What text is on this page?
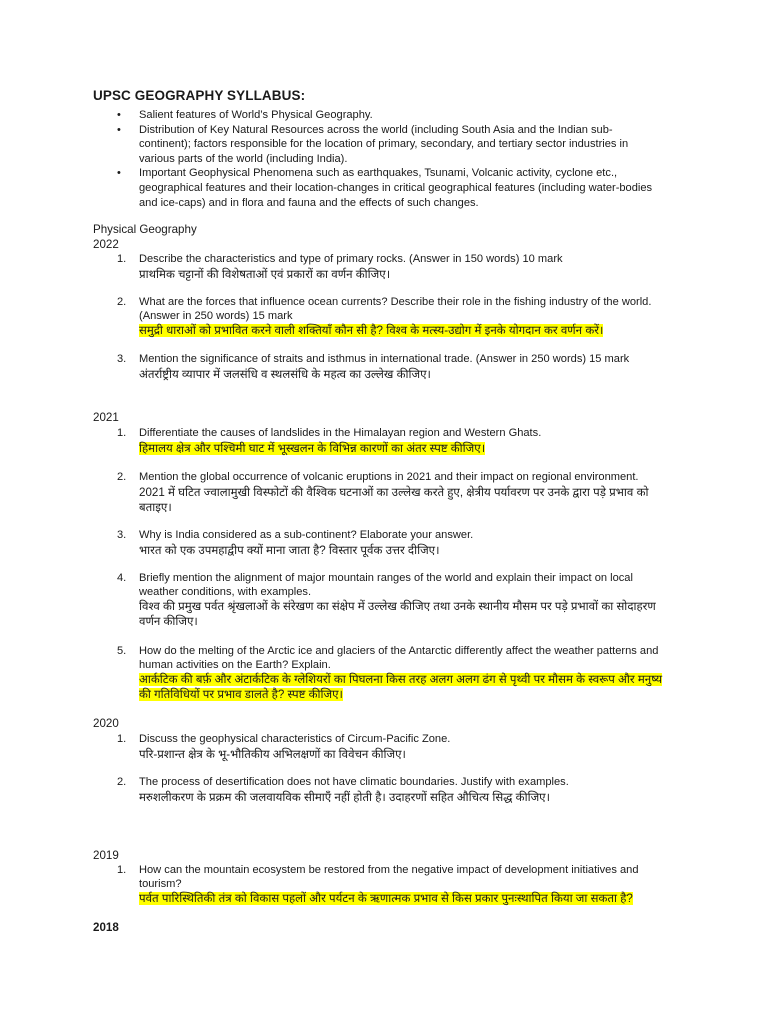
UPSC GEOGRAPHY SYLLABUS:
• Salient features of World’s Physical Geography.
• Distribution of Key Natural Resources across the world (including South Asia and the Indian sub-continent); factors responsible for the location of primary, secondary, and tertiary sector industries in various parts of the world (including India).
• Important Geophysical Phenomena such as earthquakes, Tsunami, Volcanic activity, cyclone etc., geographical features and their location-changes in critical geographical features (including water-bodies and ice-caps) and in flora and fauna and the effects of such changes.
Physical Geography
2022
1. Describe the characteristics and type of primary rocks. (Answer in 150 words) 10 mark
प्राथमिक चट्टानों की विशेषताओं एवं प्रकारों का वर्णन कीजिए।
2. What are the forces that influence ocean currents? Describe their role in the fishing industry of the world. (Answer in 250 words) 15 mark
समुद्री धाराओं को प्रभावित करने वाली शक्तियाँ कौन सी है? विश्व के मत्स्य-उद्योग में इनके योगदान कर वर्णन करें।
3. Mention the significance of straits and isthmus in international trade. (Answer in 250 words) 15 mark
अंतर्राष्ट्रीय व्यापार में जलसंधि व स्थलसंधि के महत्व का उल्लेख कीजिए।
2021
1. Differentiate the causes of landslides in the Himalayan region and Western Ghats.
हिमालय क्षेत्र और पश्चिमी घाट में भूस्खलन के विभिन्न कारणों का अंतर स्पष्ट कीजिए।
2. Mention the global occurrence of volcanic eruptions in 2021 and their impact on regional environment.
2021 में घटित ज्वालामुखी विस्फोटों की वैश्विक घटनाओं का उल्लेख करते हुए, क्षेत्रीय पर्यावरण पर उनके द्वारा पड़े प्रभाव को बताइए।
3. Why is India considered as a sub-continent? Elaborate your answer.
भारत को एक उपमहाद्वीप क्यों माना जाता है? विस्तार पूर्वक उत्तर दीजिए।
4. Briefly mention the alignment of major mountain ranges of the world and explain their impact on local weather conditions, with examples.
विश्व की प्रमुख पर्वत श्रृंखलाओं के संरेखण का संक्षेप में उल्लेख कीजिए तथा उनके स्थानीय मौसम पर पड़े प्रभावों का सोदाहरण वर्णन कीजिए।
5. How do the melting of the Arctic ice and glaciers of the Antarctic differently affect the weather patterns and human activities on the Earth? Explain.
आर्कटिक की बर्फ़ और अंटार्कटिक के ग्लेशियरों का पिघलना किस तरह अलग अलग ढंग से पृथ्वी पर मौसम के स्वरूप और मनुष्य की गतिविधियों पर प्रभाव डालते है? स्पष्ट कीजिए।
2020
1. Discuss the geophysical characteristics of Circum-Pacific Zone.
परि-प्रशान्त क्षेत्र के भू-भौतिकीय अभिलक्षणों का विवेचन कीजिए।
2. The process of desertification does not have climatic boundaries. Justify with examples.
मरुशलीकरण के प्रक्रम की जलवायविक सीमाएँ नहीं होती है। उदाहरणों सहित औचित्य सिद्ध कीजिए।
2019
1. How can the mountain ecosystem be restored from the negative impact of development initiatives and tourism?
पर्वत पारिस्थितिकी तंत्र को विकास पहलों और पर्यटन के ऋणात्मक प्रभाव से किस प्रकार पुनःस्थापित किया जा सकता है?
2018
